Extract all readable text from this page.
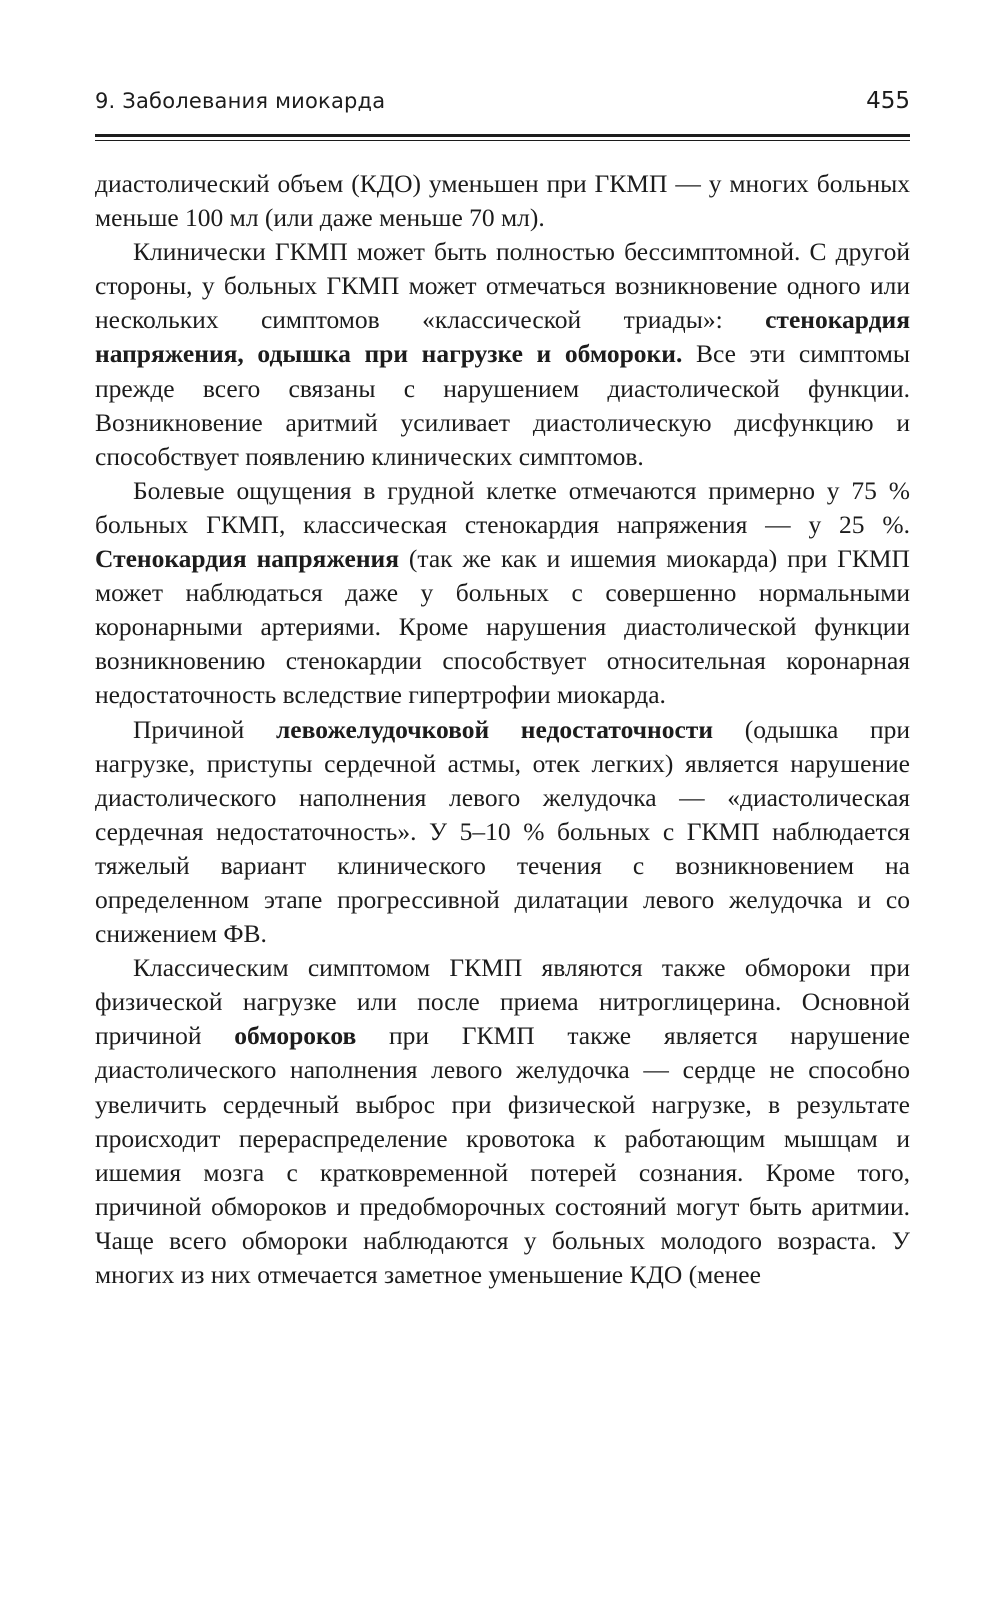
9. Заболевания миокарда	455

диастолический объем (КДО) уменьшен при ГКМП — у многих больных меньше 100 мл (или даже меньше 70 мл).

Клинически ГКМП может быть полностью бессимптомной. С другой стороны, у больных ГКМП может отмечаться возникновение одного или нескольких симптомов «классической триады»: стенокардия напряжения, одышка при нагрузке и обмороки. Все эти симптомы прежде всего связаны с нарушением диастолической функции. Возникновение аритмий усиливает диастолическую дисфункцию и способствует появлению клинических симптомов.

Болевые ощущения в грудной клетке отмечаются примерно у 75 % больных ГКМП, классическая стенокардия напряжения — у 25 %. Стенокардия напряжения (так же как и ишемия миокарда) при ГКМП может наблюдаться даже у больных с совершенно нормальными коронарными артериями. Кроме нарушения диастолической функции возникновению стенокардии способствует относительная коронарная недостаточность вследствие гипертрофии миокарда.

Причиной левожелудочковой недостаточности (одышка при нагрузке, приступы сердечной астмы, отек легких) является нарушение диастолического наполнения левого желудочка — «диастолическая сердечная недостаточность». У 5–10 % больных с ГКМП наблюдается тяжелый вариант клинического течения с возникновением на определенном этапе прогрессивной дилатации левого желудочка и со снижением ФВ.

Классическим симптомом ГКМП являются также обмороки при физической нагрузке или после приема нитроглицерина. Основной причиной обмороков при ГКМП также является нарушение диастолического наполнения левого желудочка — сердце не способно увеличить сердечный выброс при физической нагрузке, в результате происходит перераспределение кровотока к работающим мышцам и ишемия мозга с кратковременной потерей сознания. Кроме того, причиной обмороков и предобморочных состояний могут быть аритмии. Чаще всего обмороки наблюдаются у больных молодого возраста. У многих из них отмечается заметное уменьшение КДО (менее
